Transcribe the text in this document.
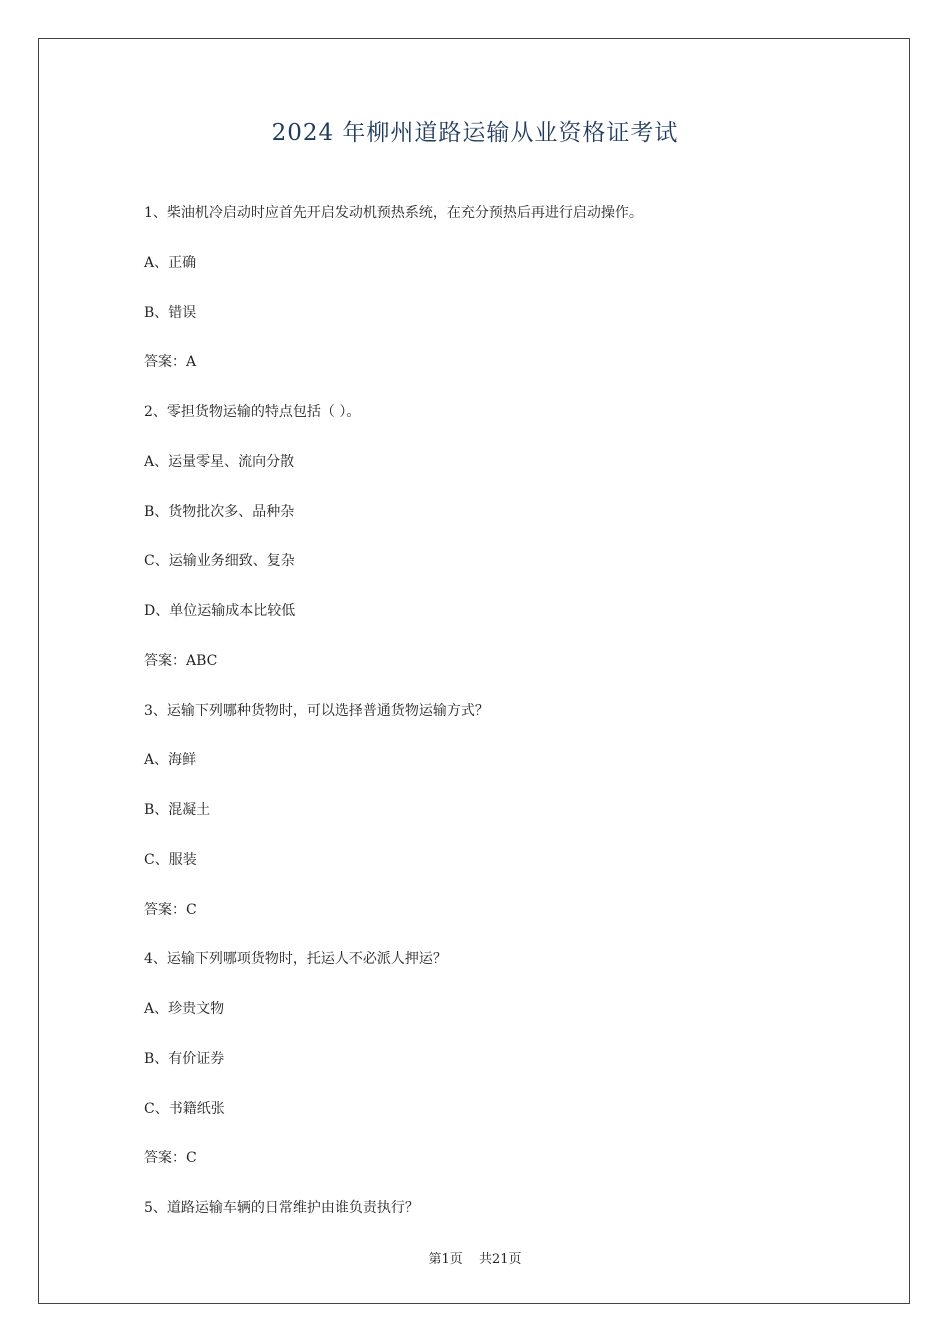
2024 年柳州道路运输从业资格证考试
1、柴油机冷启动时应首先开启发动机预热系统，在充分预热后再进行启动操作。
A、正确
B、错误
答案：A
2、零担货物运输的特点包括（ ）。
A、运量零星、流向分散
B、货物批次多、品种杂
C、运输业务细致、复杂
D、单位运输成本比较低
答案：ABC
3、运输下列哪种货物时，可以选择普通货物运输方式？
A、海鲜
B、混凝土
C、服装
答案：C
4、运输下列哪项货物时，托运人不必派人押运？
A、珍贵文物
B、有价证券
C、书籍纸张
答案：C
5、道路运输车辆的日常维护由谁负责执行？
第1页 共21页
